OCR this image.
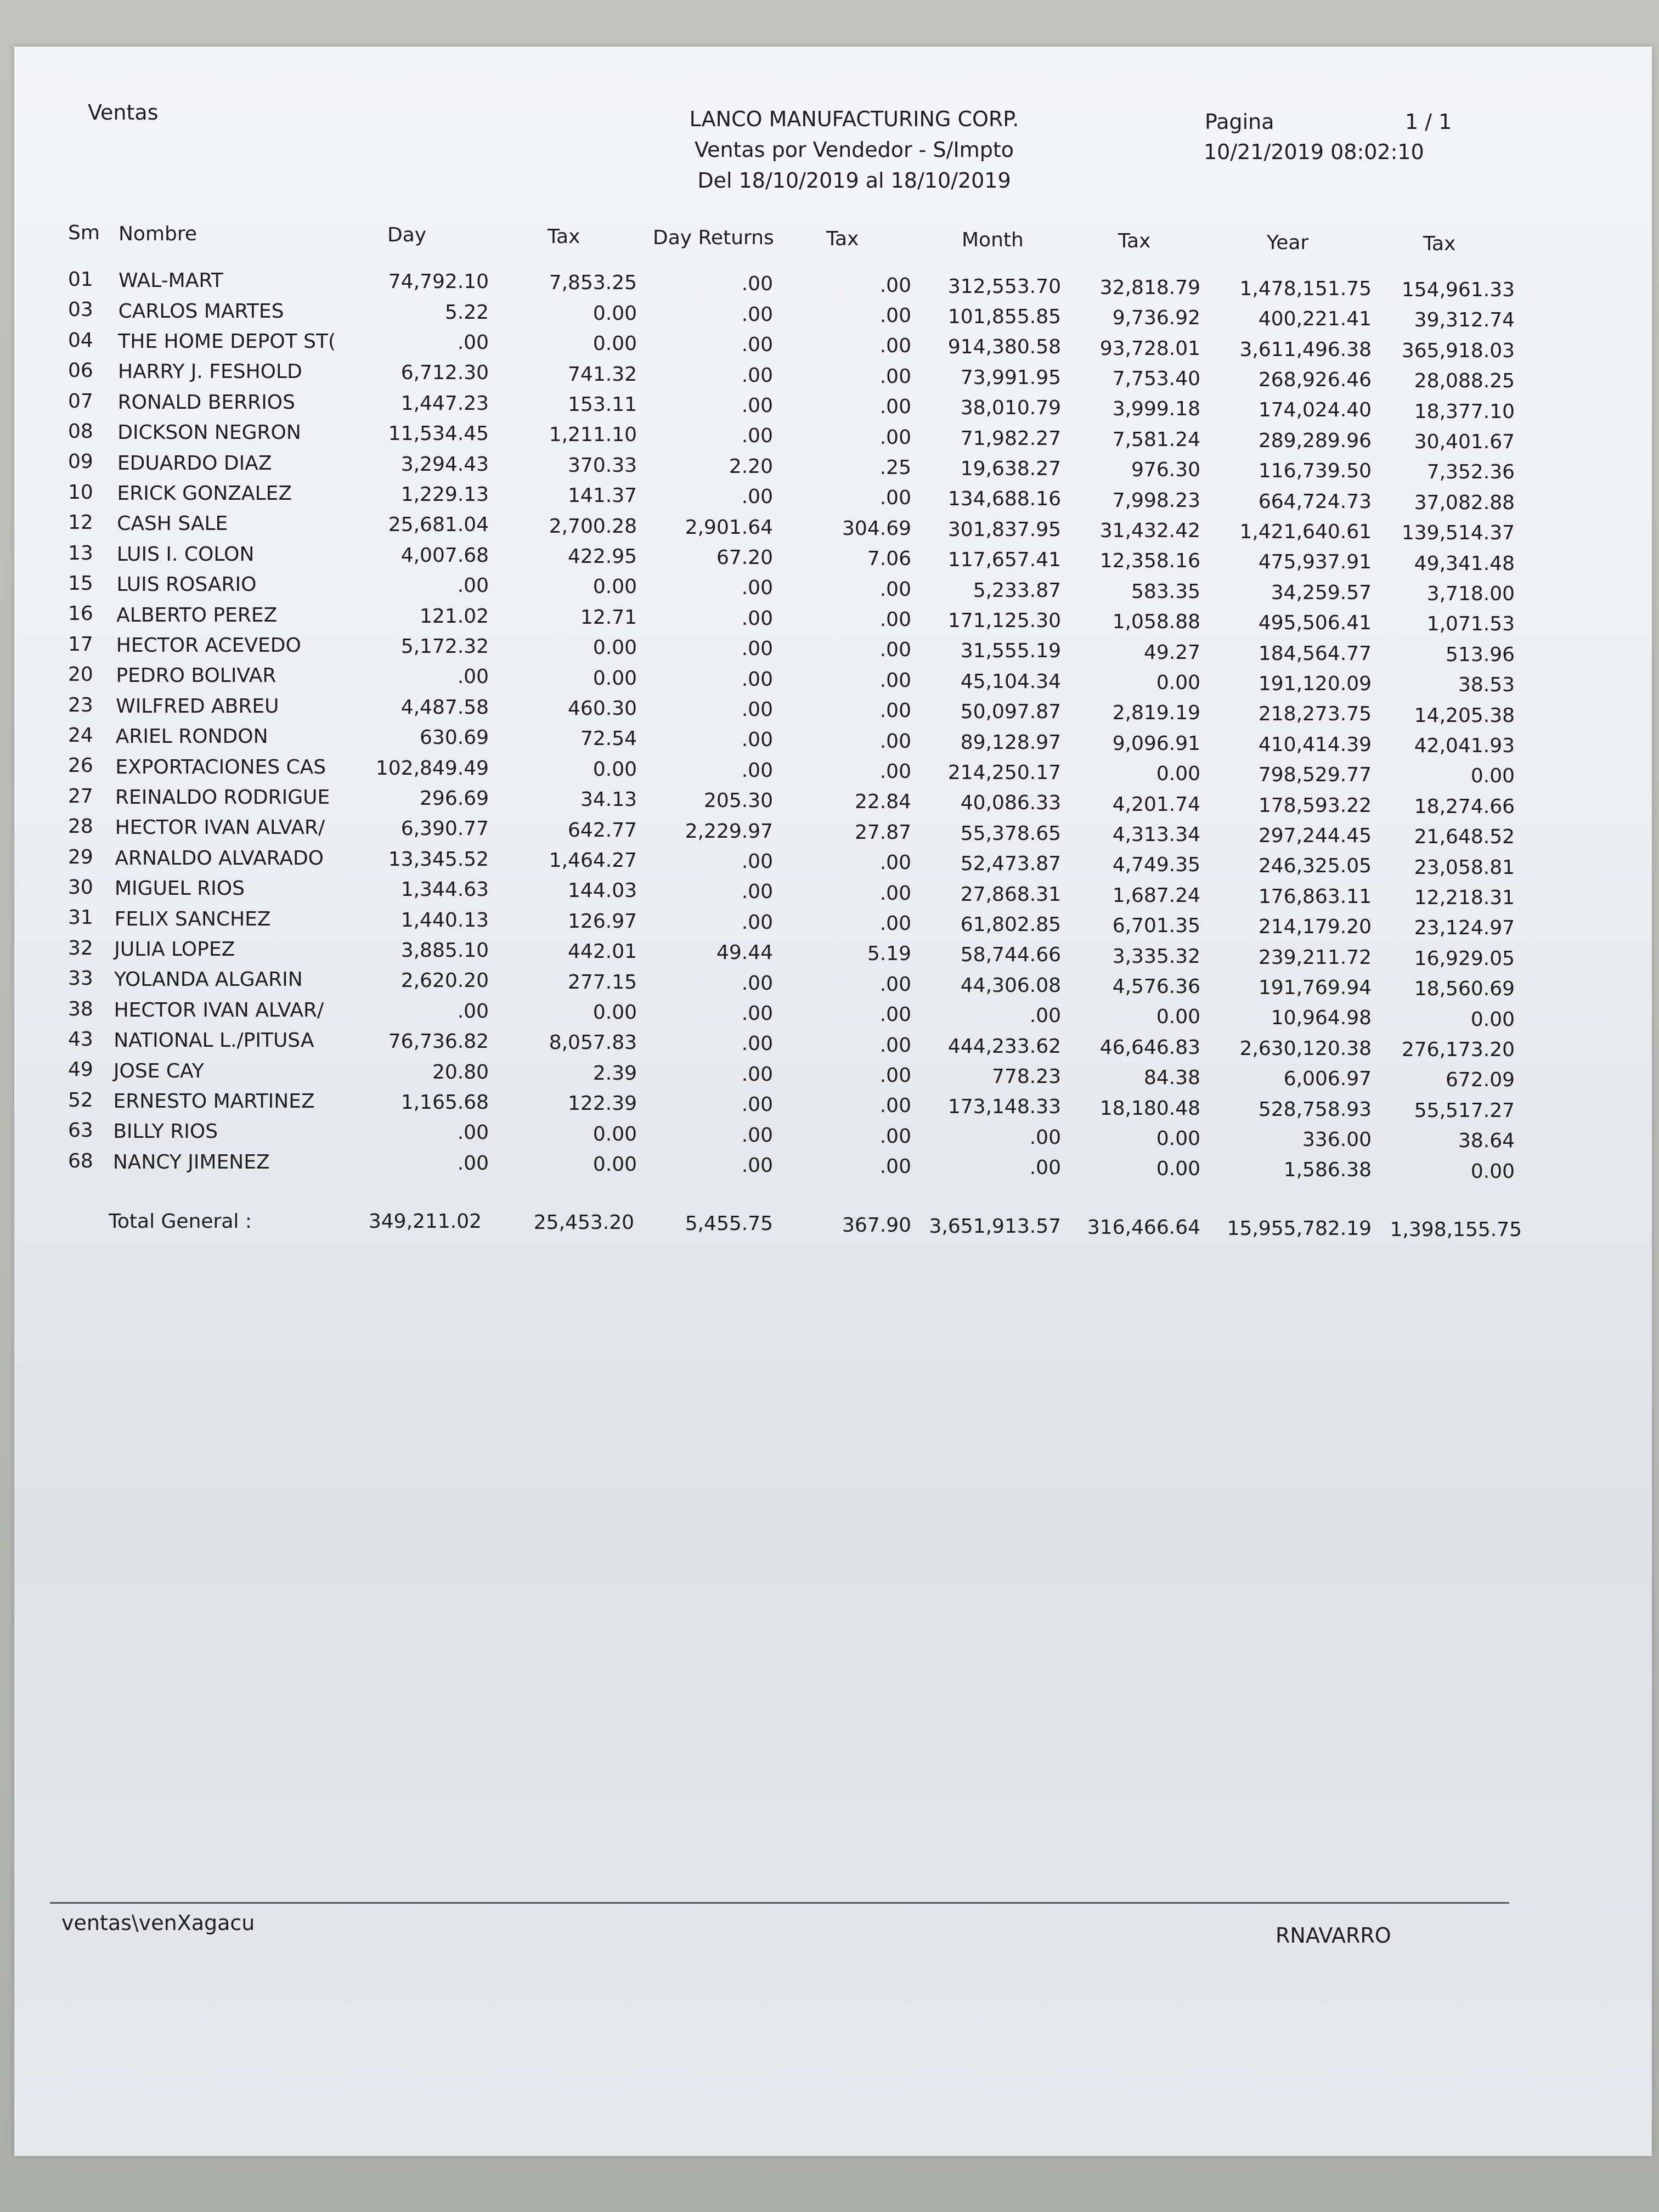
Ventas	LANCO MANUFACTURING CORP.
Ventas por Vendedor - S/Impto
Del 18/10/2019 al 18/10/2019
Pagina	1 / 1
10/21/2019 08:02:10
Sm Nombre	Day	Tax	Day Returns	Tax	Month	Tax	Year	Tax
01 WAL-MART	74,792.10	7,853.25	.00	.00	312,553.70	32,818.79	1,478,151.75	154,961.33
03 CARLOS MARTES	5.22	0.00	.00	.00	101,855.85	9,736.92	400,221.41	39,312.74
04 THE HOME DEPOT ST(	.00	0.00	.00	.00	914,380.58	93,728.01	3,611,496.38	365,918.03
06 HARRY J. FESHOLD	6,712.30	741.32	.00	.00	73,991.95	7,753.40	268,926.46	28,088.25
07 RONALD BERRIOS	1,447.23	153.11	.00	.00	38,010.79	3,999.18	174,024.40	18,377.10
08 DICKSON NEGRON	11,534.45	1,211.10	.00	.00	71,982.27	7,581.24	289,289.96	30,401.67
09 EDUARDO DIAZ	3,294.43	370.33	2.20	.25	19,638.27	976.30	116,739.50	7,352.36
10 ERICK GONZALEZ	1,229.13	141.37	.00	.00	134,688.16	7,998.23	664,724.73	37,082.88
12 CASH SALE	25,681.04	2,700.28	2,901.64	304.69	301,837.95	31,432.42	1,421,640.61	139,514.37
13 LUIS I. COLON	4,007.68	422.95	67.20	7.06	117,657.41	12,358.16	475,937.91	49,341.48
15 LUIS ROSARIO	.00	0.00	.00	.00	5,233.87	583.35	34,259.57	3,718.00
16 ALBERTO PEREZ	121.02	12.71	.00	.00	171,125.30	1,058.88	495,506.41	1,071.53
17 HECTOR ACEVEDO	5,172.32	0.00	.00	.00	31,555.19	49.27	184,564.77	513.96
20 PEDRO BOLIVAR	.00	0.00	.00	.00	45,104.34	0.00	191,120.09	38.53
23 WILFRED ABREU	4,487.58	460.30	.00	.00	50,097.87	2,819.19	218,273.75	14,205.38
24 ARIEL RONDON	630.69	72.54	.00	.00	89,128.97	9,096.91	410,414.39	42,041.93
26 EXPORTACIONES CAS	102,849.49	0.00	.00	.00	214,250.17	0.00	798,529.77	0.00
27 REINALDO RODRIGUE	296.69	34.13	205.30	22.84	40,086.33	4,201.74	178,593.22	18,274.66
28 HECTOR IVAN ALVAR/	6,390.77	642.77	2,229.97	27.87	55,378.65	4,313.34	297,244.45	21,648.52
29 ARNALDO ALVARADO	13,345.52	1,464.27	.00	.00	52,473.87	4,749.35	246,325.05	23,058.81
30 MIGUEL RIOS	1,344.63	144.03	.00	.00	27,868.31	1,687.24	176,863.11	12,218.31
31 FELIX SANCHEZ	1,440.13	126.97	.00	.00	61,802.85	6,701.35	214,179.20	23,124.97
32 JULIA LOPEZ	3,885.10	442.01	49.44	5.19	58,744.66	3,335.32	239,211.72	16,929.05
33 YOLANDA ALGARIN	2,620.20	277.15	.00	.00	44,306.08	4,576.36	191,769.94	18,560.69
38 HECTOR IVAN ALVAR/	.00	0.00	.00	.00	.00	0.00	10,964.98	0.00
43 NATIONAL L./PITUSA	76,736.82	8,057.83	.00	.00	444,233.62	46,646.83	2,630,120.38	276,173.20
49 JOSE CAY	20.80	2.39	.00	.00	778.23	84.38	6,006.97	672.09
52 ERNESTO MARTINEZ	1,165.68	122.39	.00	.00	173,148.33	18,180.48	528,758.93	55,517.27
63 BILLY RIOS	.00	0.00	.00	.00	.00	0.00	336.00	38.64
68 NANCY JIMENEZ	.00	0.00	.00	.00	.00	0.00	1,586.38	0.00
Total General :	349,211.02	25,453.20	5,455.75	367.90 3,651,913.57	316,466.64	15,955,782.19 1,398,155.75
ventas\venXagacu
RNAVARRO
